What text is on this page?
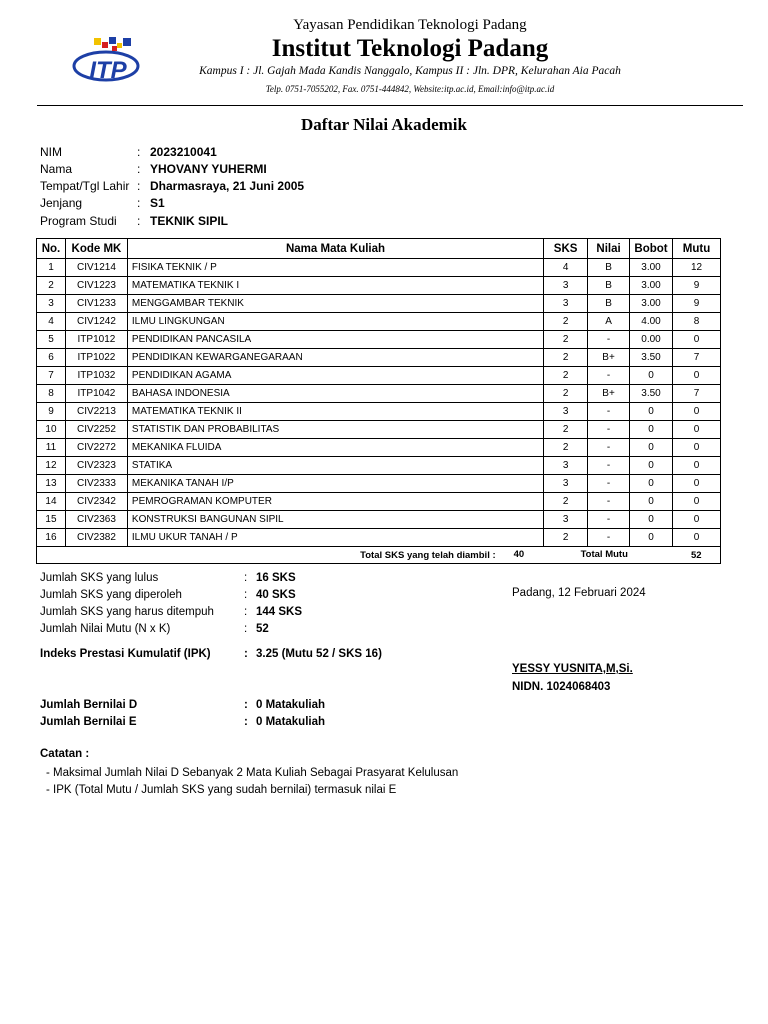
ITP
Yayasan Pendidikan Teknologi Padang
Institut Teknologi Padang
Kampus I : Jl. Gajah Mada Kandis Nanggalo, Kampus II : Jln. DPR, Kelurahan Aia Pacah
Telp. 0751-7055202, Fax. 0751-444842, Website:itp.ac.id, Email:info@itp.ac.id
Daftar Nilai Akademik
NIM	: 2023210041
Nama	: YHOVANY YUHERMI
Tempat/Tgl Lahir : Dharmasraya, 21 Juni 2005
Jenjang	: S1
Program Studi	: TEKNIK SIPIL
No.	Kode MK	Nama Mata Kuliah	SKS	Nilai	Bobot	Mutu
1	CIV1214	FISIKA TEKNIK / P	4	B	3.00	12
2	CIV1223	MATEMATIKA TEKNIK I	3	B	3.00	9
3	CIV1233	MENGGAMBAR TEKNIK	3	B	3.00	9
4	CIV1242	ILMU LINGKUNGAN	2	A	4.00	8
5	ITP1012	PENDIDIKAN PANCASILA	2	-	0.00	0
6	ITP1022	PENDIDIKAN KEWARGANEGARAAN	2	B+	3.50	7
7	ITP1032	PENDIDIKAN AGAMA	2	-	0	0
8	ITP1042	BAHASA INDONESIA	2	B+	3.50	7
9	CIV2213	MATEMATIKA TEKNIK II	3	-	0	0
10	CIV2252	STATISTIK DAN PROBABILITAS	2	-	0	0
11	CIV2272	MEKANIKA FLUIDA	2	-	0	0
12	CIV2323	STATIKA	3	-	0	0
13	CIV2333	MEKANIKA TANAH I/P	3	-	0	0
14	CIV2342	PEMROGRAMAN KOMPUTER	2	-	0	0
15	CIV2363	KONSTRUKSI BANGUNAN SIPIL	3	-	0	0
16	CIV2382	ILMU UKUR TANAH / P	2	-	0	0
Total SKS yang telah diambil :			40	Total Mutu		52
Jumlah SKS yang lulus	: 16 SKS
Jumlah SKS yang diperoleh	: 40 SKS
Jumlah SKS yang harus ditempuh	: 144 SKS
Jumlah Nilai Mutu (N x K)	: 52
Indeks Prestasi Kumulatif (IPK)	: 3.25 (Mutu 52 / SKS 16)
Jumlah Bernilai D	: 0 Matakuliah
Jumlah Bernilai E	: 0 Matakuliah
Padang, 12 Februari 2024
YESSY YUSNITA,M,Si.
NIDN. 1024068403
Catatan :
- Maksimal Jumlah Nilai D Sebanyak 2 Mata Kuliah Sebagai Prasyarat Kelulusan
- IPK (Total Mutu / Jumlah SKS yang sudah bernilai) termasuk nilai E
